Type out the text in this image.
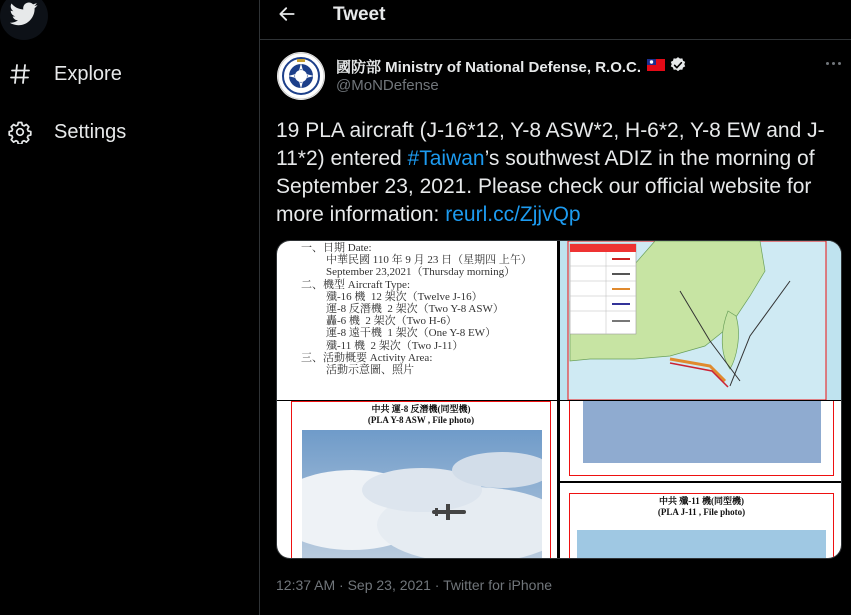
Explore
Settings
Tweet
國防部 Ministry of National Defense, R.O.C.
@MoNDefense
19 PLA aircraft (J-16*12, Y-8 ASW*2, H-6*2, Y-8 EW and J-11*2) entered #Taiwan’s southwest ADIZ in the morning of September 23, 2021. Please check our official website for more information: reurl.cc/ZjjvQp
一、日期 Date:
中華民國 110 年 9 月 23 日（星期四 上午）
September 23,2021（Thursday morning）
二、機型 Aircraft Type:
殲-16 機  12 架次（Twelve J-16）
運-8 反潛機  2 架次（Two Y-8 ASW）
轟-6 機  2 架次（Two H-6）
運-8 遠干機  1 架次（One Y-8 EW）
殲-11 機  2 架次（Two J-11）
三、活動概要 Activity Area:
活動示意圖、照片
中共 運-8 反潛機(同型機)
(PLA Y-8 ASW , File photo)
中共 殲-11 機(同型機)
(PLA J-11 , File photo)
12:37 AM · Sep 23, 2021 · Twitter for iPhone
